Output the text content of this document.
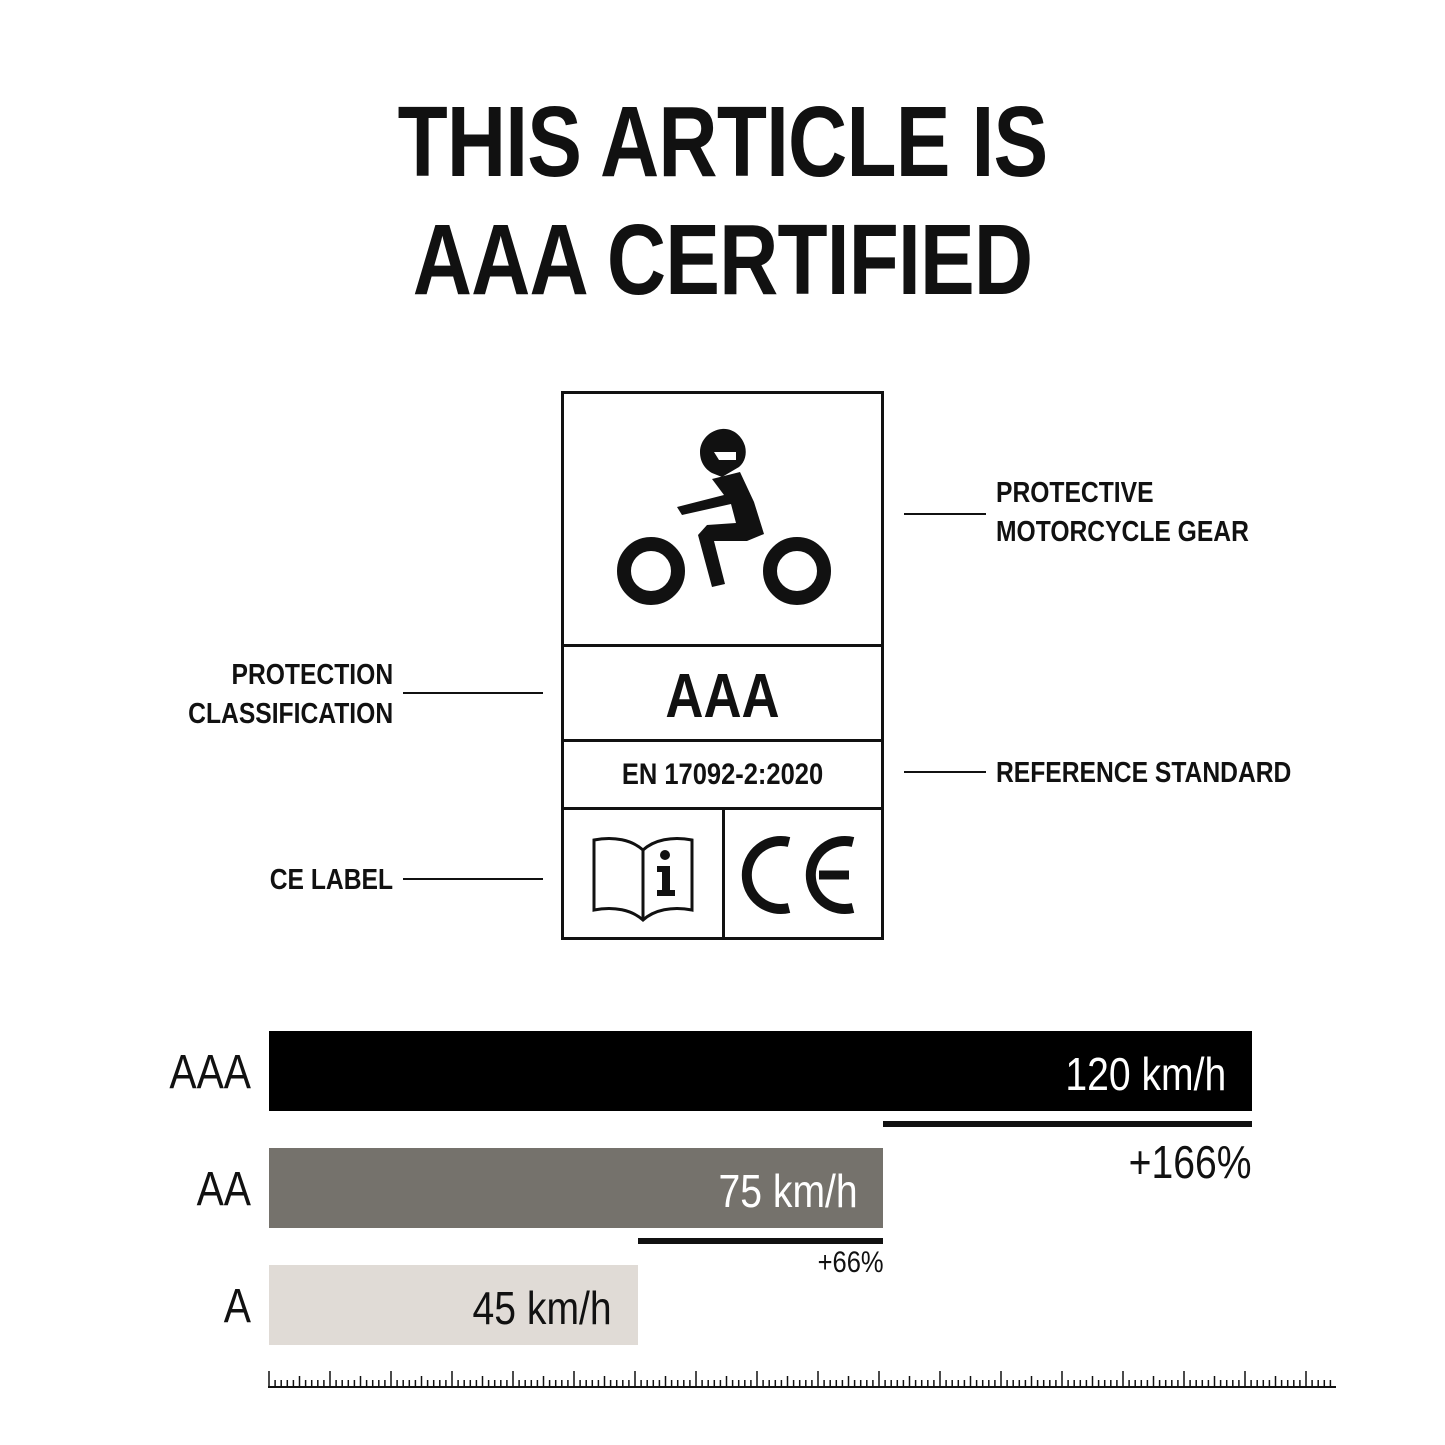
THIS ARTICLE IS
AAA CERTIFIED
AAA
EN 17092-2:2020
PROTECTIVE
MOTORCYCLE GEAR
PROTECTION
CLASSIFICATION
REFERENCE STANDARD
CE LABEL
AAA	120 km/h
AA	75 km/h
A	45 km/h
+166%
+66%
